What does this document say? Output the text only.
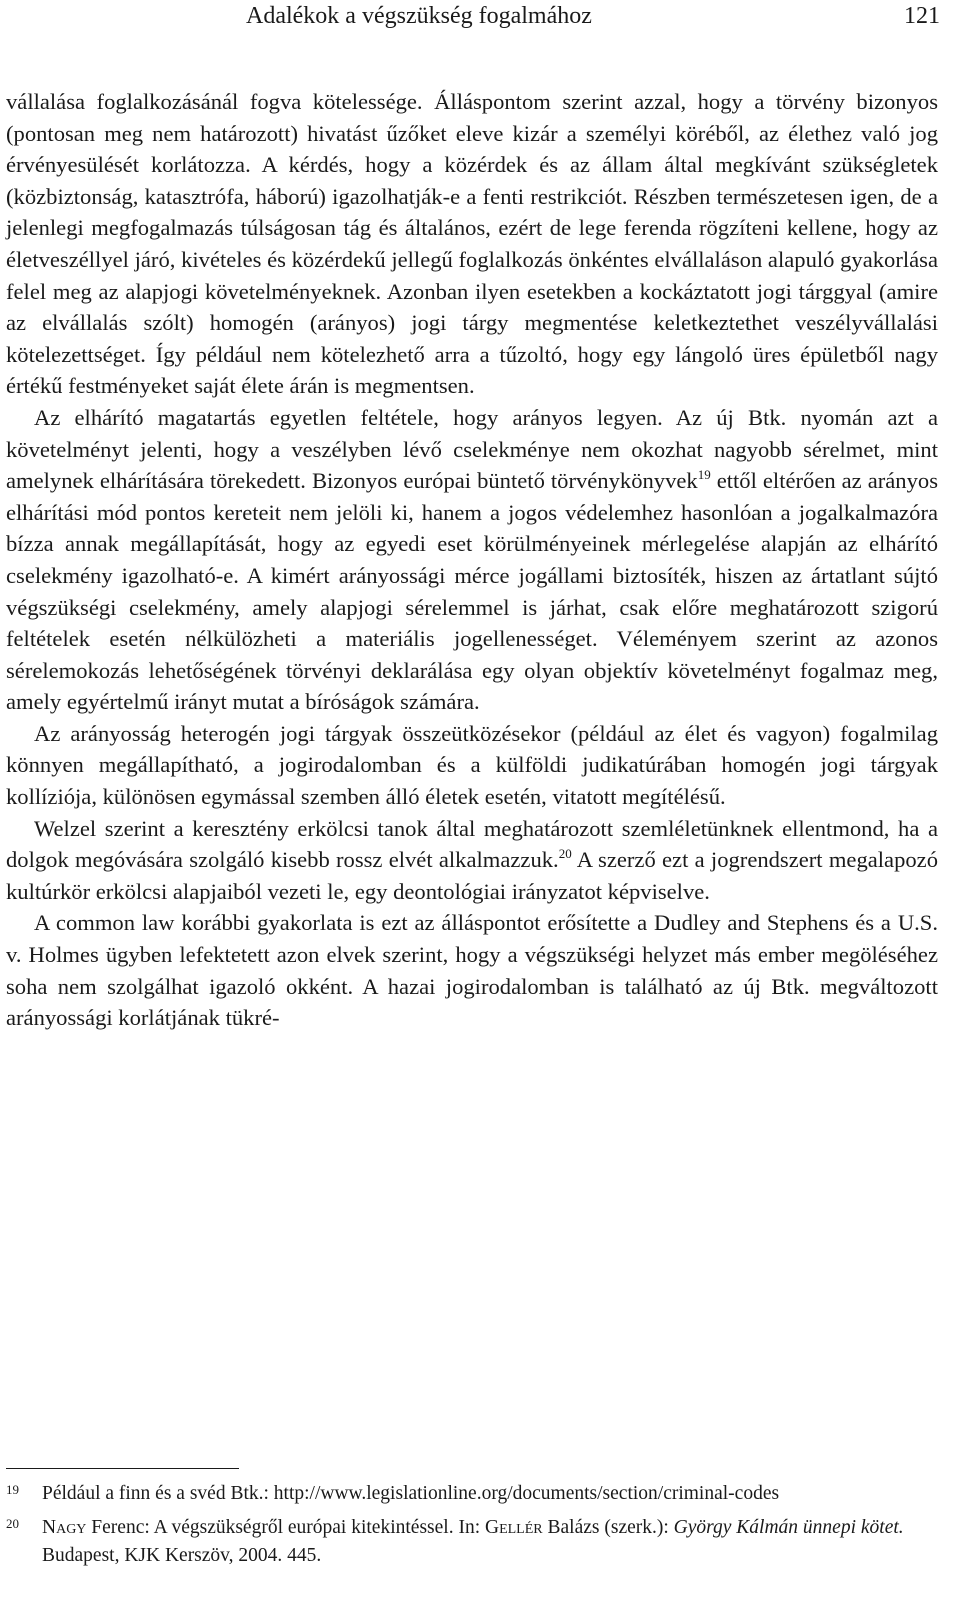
Adalékok a végszükség fogalmához	121

vállalása foglalkozásánál fogva kötelessége. Álláspontom szerint azzal, hogy a törvény bizonyos (pontosan meg nem határozott) hivatást űzőket eleve kizár a személyi köréből, az élethez való jog érvényesülését korlátozza. A kérdés, hogy a közérdek és az állam által megkívánt szükségletek (közbiztonság, katasztrófa, háború) igazolhatják-e a fenti restrikciót. Részben természetesen igen, de a jelenlegi megfogalmazás túlságosan tág és általános, ezért de lege ferenda rögzíteni kellene, hogy az életveszéllyel járó, kivételes és közérdekű jellegű foglalkozás önkéntes elvállaláson alapuló gyakorlása felel meg az alapjogi követelményeknek. Azonban ilyen esetekben a kockáztatott jogi tárggyal (amire az elvállalás szólt) homogén (arányos) jogi tárgy megmentése keletkeztethet veszélyvállalási kötelezettséget. Így például nem kötelezhető arra a tűzoltó, hogy egy lángoló üres épületből nagy értékű festményeket saját élete árán is megmentsen.

Az elhárító magatartás egyetlen feltétele, hogy arányos legyen. Az új Btk. nyomán azt a követelményt jelenti, hogy a veszélyben lévő cselekménye nem okozhat nagyobb sérelmet, mint amelynek elhárítására törekedett. Bizonyos európai büntető törvénykönyvek$^{19}$ ettől eltérően az arányos elhárítási mód pontos kereteit nem jelöli ki, hanem a jogos védelemhez hasonlóan a jogalkalmazóra bízza annak megállapítását, hogy az egyedi eset körülményeinek mérlegelése alapján az elhárító cselekmény igazolható-e. A kimért arányossági mérce jogállami biztosíték, hiszen az ártatlant sújtó végszükségi cselekmény, amely alapjogi sérelemmel is járhat, csak előre meghatározott szigorú feltételek esetén nélkülözheti a materiális jogellenességet. Véleményem szerint az azonos sérelemokozás lehetőségének törvényi deklarálása egy olyan objektív követelményt fogalmaz meg, amely egyértelmű irányt mutat a bíróságok számára.

Az arányosság heterogén jogi tárgyak összeütközésekor (például az élet és vagyon) fogalmilag könnyen megállapítható, a jogirodalomban és a külföldi judikatúrában homogén jogi tárgyak kollíziója, különösen egymással szemben álló életek esetén, vitatott megítélésű.

Welzel szerint a keresztény erkölcsi tanok által meghatározott szemléletünknek ellentmond, ha a dolgok megóvására szolgáló kisebb rossz elvét alkalmazzuk.$^{20}$ A szerző ezt a jogrendszert megalapozó kultúrkör erkölcsi alapjaiból vezeti le, egy deontológiai irányzatot képviselve.

A common law korábbi gyakorlata is ezt az álláspontot erősítette a Dudley and Stephens és a U.S. v. Holmes ügyben lefektetett azon elvek szerint, hogy a végszükségi helyzet más ember megöléséhez soha nem szolgálhat igazoló okként. A hazai jogirodalomban is található az új Btk. megváltozott arányossági korlátjának tükré-

19 Például a finn és a svéd Btk.: http://www.legislationline.org/documents/section/criminal-codes
20 Nagy Ferenc: A végszükségről európai kitekintéssel. In: Gellér Balázs (szerk.): György Kálmán ünnepi kötet. Budapest, KJK Kerszöv, 2004. 445.
